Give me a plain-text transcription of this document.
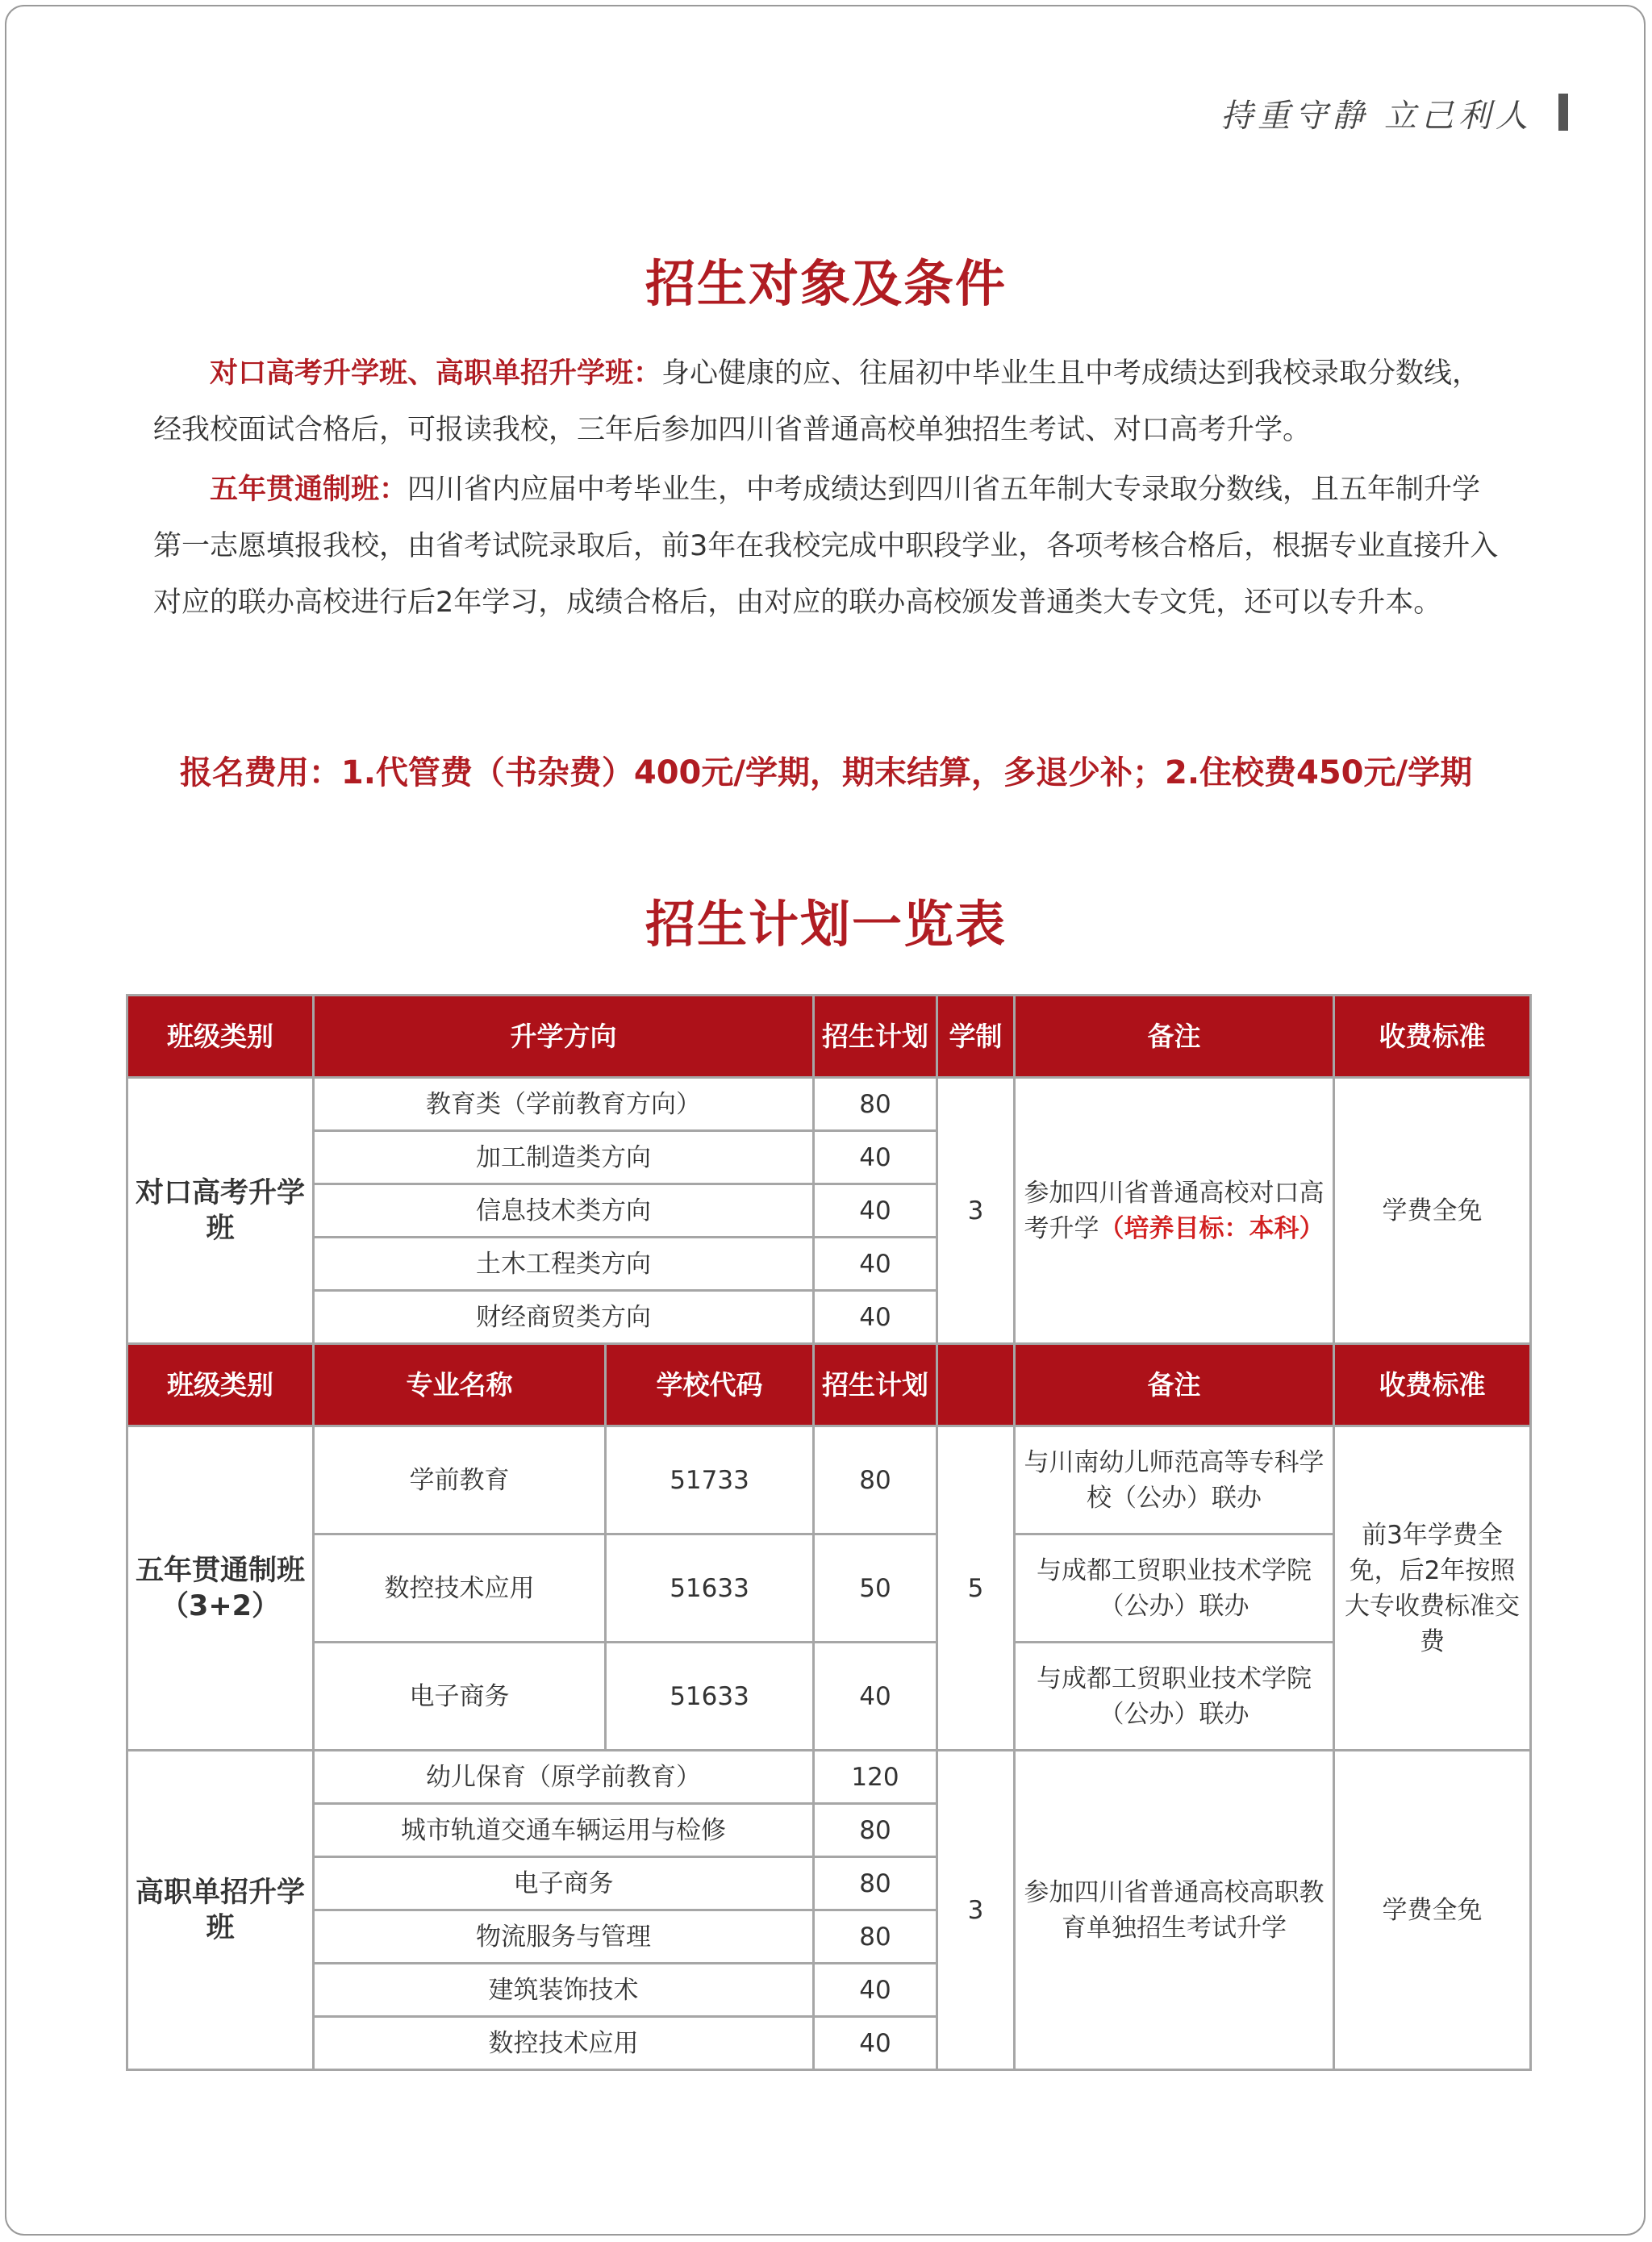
持重守静 立己利人
招生对象及条件

对口高考升学班、高职单招升学班：身心健康的应、往届初中毕业生且中考成绩达到我校录取分数线，经我校面试合格后，可报读我校，三年后参加四川省普通高校单独招生考试、对口高考升学。

五年贯通制班：四川省内应届中考毕业生，中考成绩达到四川省五年制大专录取分数线，且五年制升学第一志愿填报我校，由省考试院录取后，前3年在我校完成中职段学业，各项考核合格后，根据专业直接升入对应的联办高校进行后2年学习，成绩合格后，由对应的联办高校颁发普通类大专文凭，还可以专升本。

报名费用：1.代管费（书杂费）400元/学期，期末结算，多退少补；2.住校费450元/学期
招生计划一览表
班级类别	升学方向		招生计划	学制	备注	收费标准
对口高考升学班	教育类（学前教育方向）		80	3	参加四川省普通高校对口高考升学（培养目标：本科）	学费全免
	加工制造类方向		40			
	信息技术类方向		40			
	土木工程类方向		40			
	财经商贸类方向		40			
班级类别	专业名称	学校代码	招生计划		备注	收费标准
五年贯通制班
（3+2）	学前教育	51733	80	5	与川南幼儿师范高等专科学校（公办）联办	前3年学费全免，后2年按照大专收费标准交费
	数控技术应用	51633	50		与成都工贸职业技术学院（公办）联办	
	电子商务	51633	40		与成都工贸职业技术学院（公办）联办	
高职单招升学班	幼儿保育（原学前教育）		120	3	参加四川省普通高校高职教育单独招生考试升学	学费全免
	城市轨道交通车辆运用与检修		80			
	电子商务		80			
	物流服务与管理		80			
	建筑装饰技术		40			
	数控技术应用		40			
